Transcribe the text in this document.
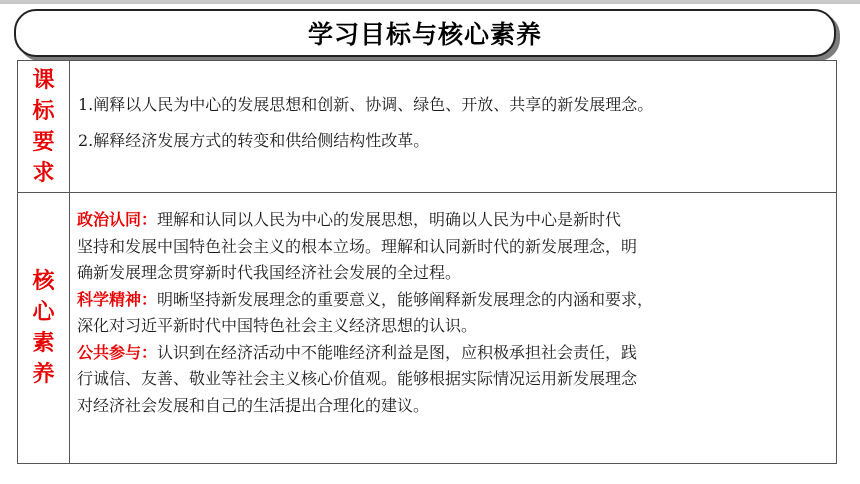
学习目标与核心素养
课
标
要
求
1.阐释以人民为中心的发展思想和创新、协调、绿色、开放、共享的新发展理念。
2.解释经济发展方式的转变和供给侧结构性改革。
核
心
素
养
政治认同：理解和认同以人民为中心的发展思想，明确以人民为中心是新时代
坚持和发展中国特色社会主义的根本立场。理解和认同新时代的新发展理念，明
确新发展理念贯穿新时代我国经济社会发展的全过程。
科学精神：明晰坚持新发展理念的重要意义，能够阐释新发展理念的内涵和要求，
深化对习近平新时代中国特色社会主义经济思想的认识。
公共参与：认识到在经济活动中不能唯经济利益是图，应积极承担社会责任，践
行诚信、友善、敬业等社会主义核心价值观。能够根据实际情况运用新发展理念
对经济社会发展和自己的生活提出合理化的建议。
